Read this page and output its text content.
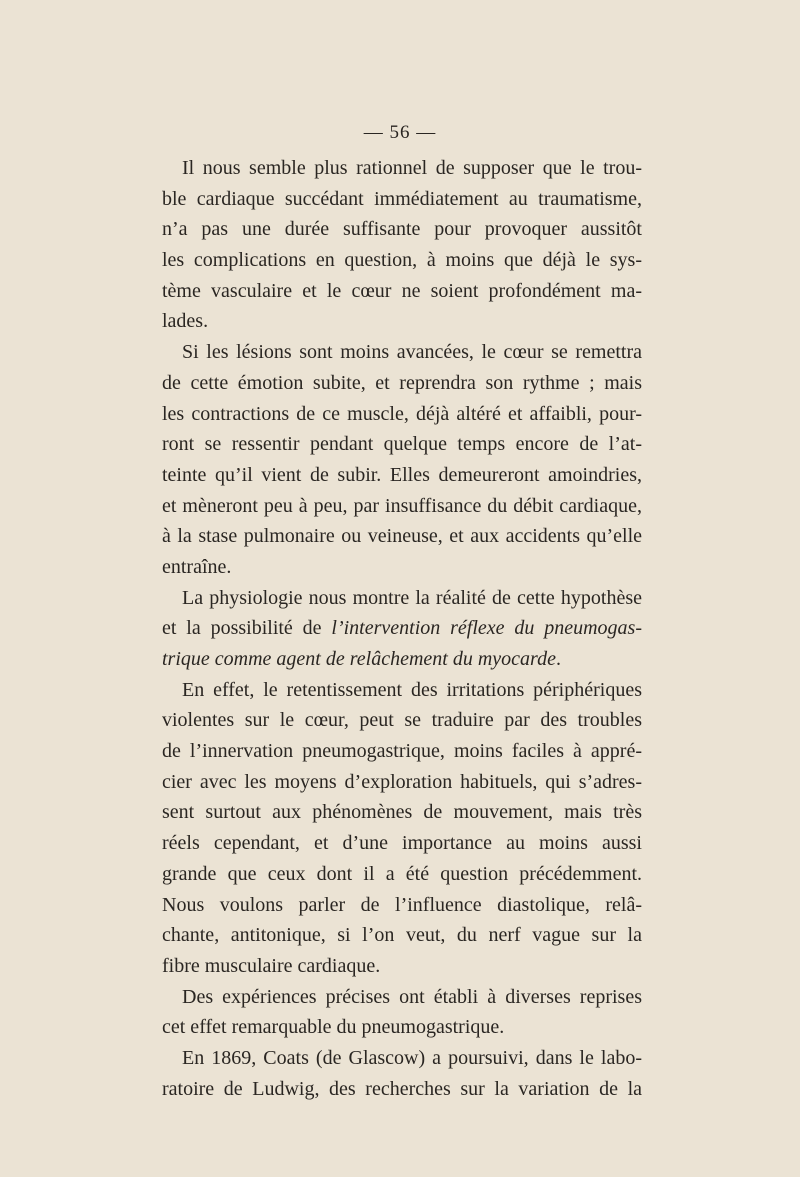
— 56 —
Il nous semble plus rationnel de supposer que le trou-
ble cardiaque succédant immédiatement au traumatisme,
n’a pas une durée suffisante pour provoquer aussitôt
les complications en question, à moins que déjà le sys-
tème vasculaire et le cœur ne soient profondément ma-
lades.
Si les lésions sont moins avancées, le cœur se remettra
de cette émotion subite, et reprendra son rythme ; mais
les contractions de ce muscle, déjà altéré et affaibli, pour-
ront se ressentir pendant quelque temps encore de l’at-
teinte qu’il vient de subir. Elles demeureront amoindries,
et mèneront peu à peu, par insuffisance du débit cardiaque,
à la stase pulmonaire ou veineuse, et aux accidents qu’elle
entraîne.
La physiologie nous montre la réalité de cette hypothèse
et la possibilité de l’intervention réflexe du pneumogas-
trique comme agent de relâchement du myocarde.
En effet, le retentissement des irritations périphériques
violentes sur le cœur, peut se traduire par des troubles
de l’innervation pneumogastrique, moins faciles à appré-
cier avec les moyens d’exploration habituels, qui s’adres-
sent surtout aux phénomènes de mouvement, mais très
réels cependant, et d’une importance au moins aussi
grande que ceux dont il a été question précédemment.
Nous voulons parler de l’influence diastolique, relâ-
chante, antitonique, si l’on veut, du nerf vague sur la
fibre musculaire cardiaque.
Des expériences précises ont établi à diverses reprises
cet effet remarquable du pneumogastrique.
En 1869, Coats (de Glascow) a poursuivi, dans le labo-
ratoire de Ludwig, des recherches sur la variation de la
